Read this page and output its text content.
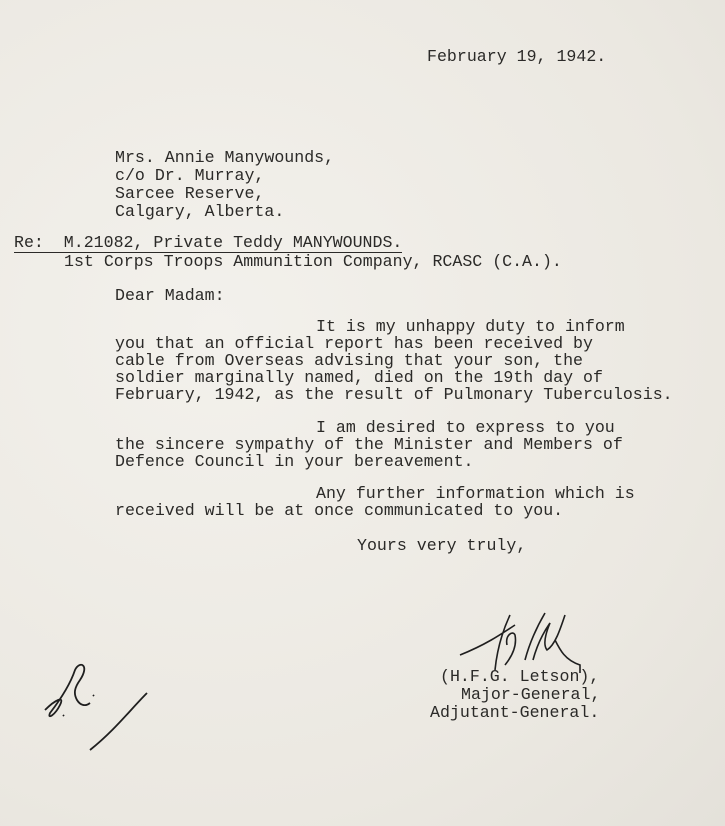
February 19, 1942.
Mrs. Annie Manywounds,
c/o Dr. Murray,
Sarcee Reserve,
Calgary, Alberta.
Re:  M.21082, Private Teddy MANYWOUNDS.
1st Corps Troops Ammunition Company, RCASC (C.A.).
Dear Madam:
It is my unhappy duty to inform
you that an official report has been received by
cable from Overseas advising that your son, the
soldier marginally named, died on the 19th day of
February, 1942, as the result of Pulmonary Tuberculosis.
I am desired to express to you
the sincere sympathy of the Minister and Members of
Defence Council in your bereavement.
Any further information which is
received will be at once communicated to you.
Yours very truly,
(H.F.G. Letson),
Major-General,
Adjutant-General.
